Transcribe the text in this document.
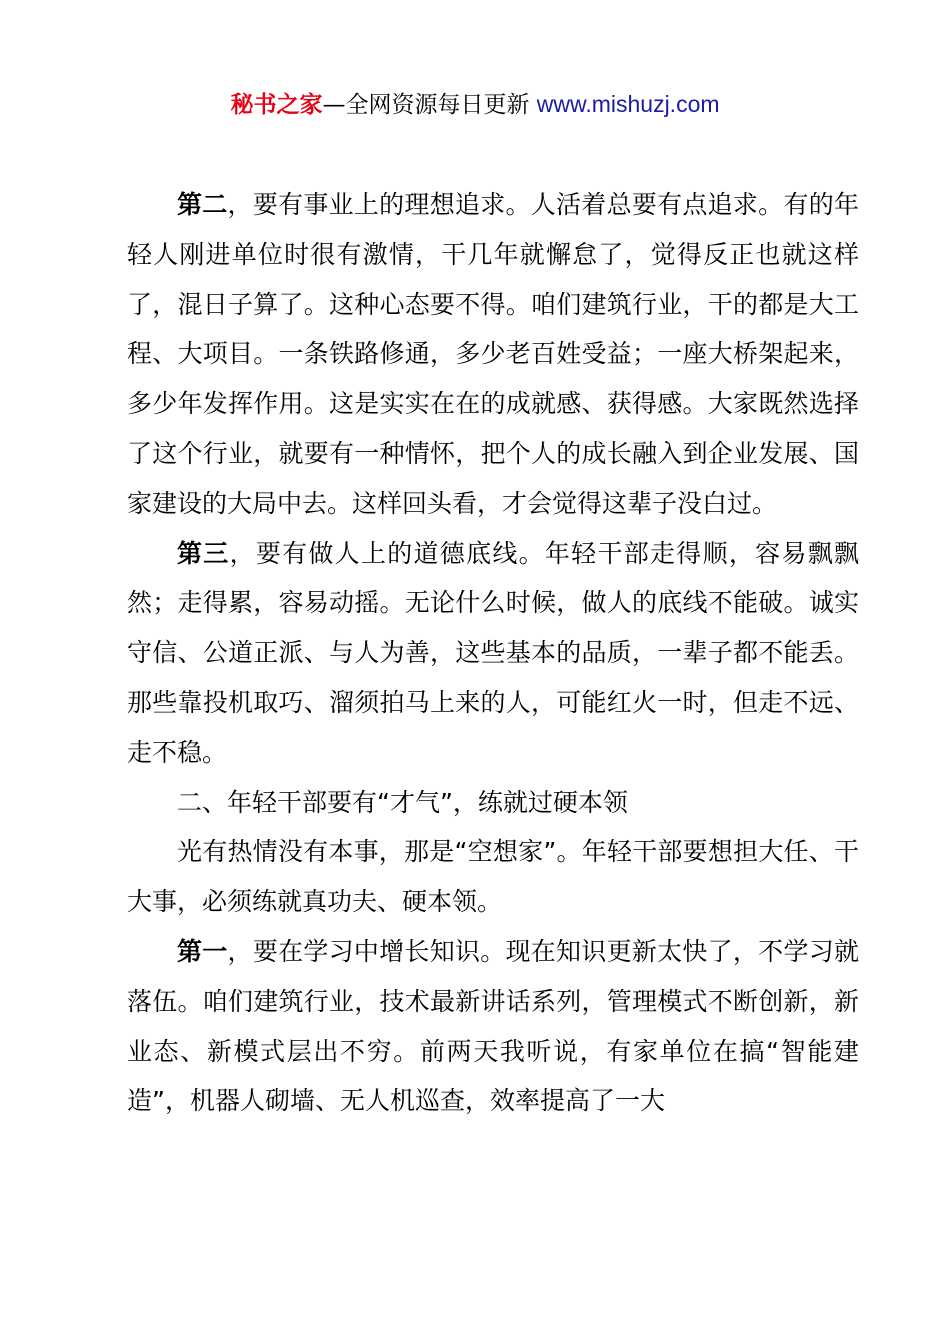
秘书之家—全网资源每日更新 www.mishuzj.com

第二，要有事业上的理想追求。人活着总要有点追求。有的年轻人刚进单位时很有激情，干几年就懈怠了，觉得反正也就这样了，混日子算了。这种心态要不得。咱们建筑行业，干的都是大工程、大项目。一条铁路修通，多少老百姓受益；一座大桥架起来，多少年发挥作用。这是实实在在的成就感、获得感。大家既然选择了这个行业，就要有一种情怀，把个人的成长融入到企业发展、国家建设的大局中去。这样回头看，才会觉得这辈子没白过。

第三，要有做人上的道德底线。年轻干部走得顺，容易飘飘然；走得累，容易动摇。无论什么时候，做人的底线不能破。诚实守信、公道正派、与人为善，这些基本的品质，一辈子都不能丢。那些靠投机取巧、溜须拍马上来的人，可能红火一时，但走不远、走不稳。

二、年轻干部要有“才气”，练就过硬本领

光有热情没有本事，那是“空想家”。年轻干部要想担大任、干大事，必须练就真功夫、硬本领。

第一，要在学习中增长知识。现在知识更新太快了，不学习就落伍。咱们建筑行业，技术最新讲话系列，管理模式不断创新，新业态、新模式层出不穷。前两天我听说，有家单位在搞“智能建造”，机器人砌墙、无人机巡查，效率提高了一大
